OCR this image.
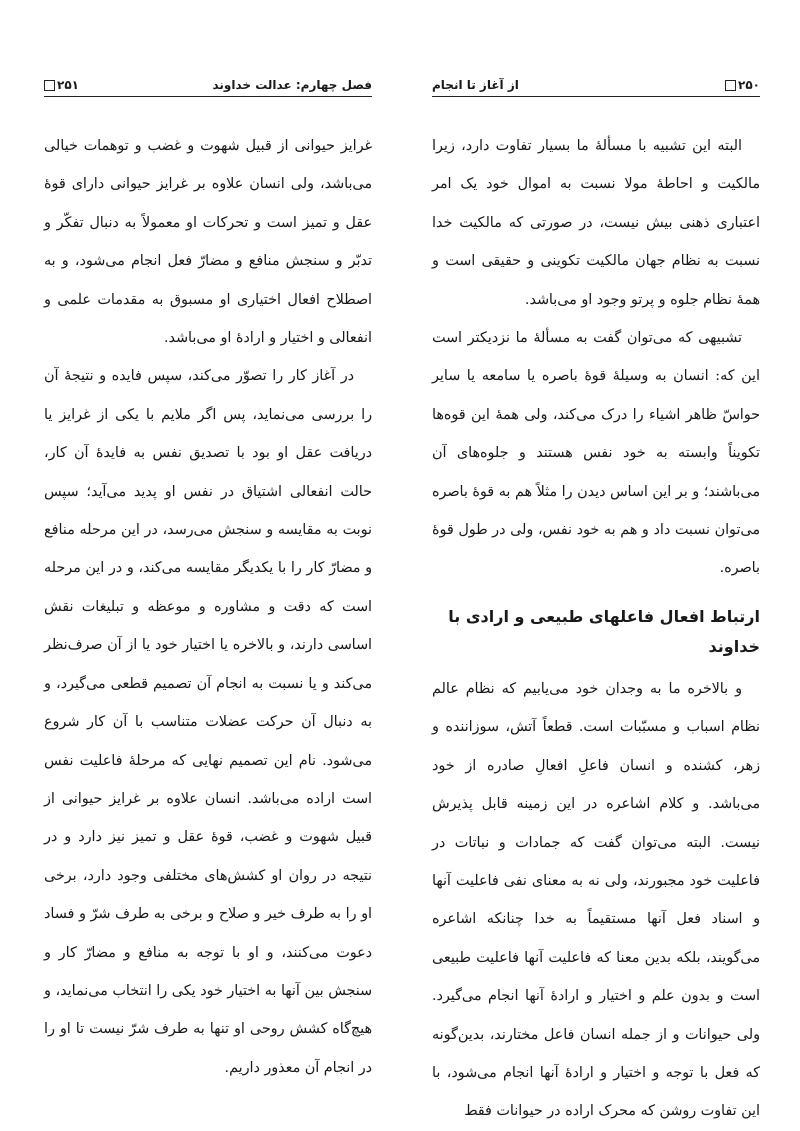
فصل چهارم: عدالت خداوند
۲۵۱

غرایز حیوانی از قبیل شهوت و غضب و توهمات خیالی می‌باشد، ولی انسان علاوه بر غرایز حیوانی دارای قوهٔ عقل و تمیز است و تحرکات او معمولاً به دنبال تفکّر و تدبّر و سنجش منافع و مضارّ فعل انجام می‌شود، و به اصطلاح افعال اختیاری او مسبوق به مقدمات علمی و انفعالی و اختیار و ارادهٔ او می‌باشد.

در آغاز کار را تصوّر می‌کند، سپس فایده و نتیجهٔ آن را بررسی می‌نماید، پس اگر ملایم با یکی از غرایز یا دریافت عقل او بود با تصدیق نفس به فایدهٔ آن کار، حالت انفعالی اشتیاق در نفس او پدید می‌آید؛ سپس نوبت به مقایسه و سنجش می‌رسد، در این مرحله منافع و مضارّ کار را با یکدیگر مقایسه می‌کند، و در این مرحله است که دقت و مشاوره و موعظه و تبلیغات نقش اساسی دارند، و بالاخره یا اختیار خود یا از آن صرف‌نظر می‌کند و یا نسبت به انجام آن تصمیم قطعی می‌گیرد، و به دنبال آن حرکت عضلات متناسب با آن کار شروع می‌شود. نام این تصمیم نهایی که مرحلهٔ فاعلیت نفس است اراده می‌باشد. انسان علاوه بر غرایز حیوانی از قبیل شهوت و غضب، قوهٔ عقل و تمیز نیز دارد و در نتیجه در روان او کشش‌های مختلفی وجود دارد، برخی او را به طرف خیر و صلاح و برخی به طرف شرّ و فساد دعوت می‌کنند، و او با توجه به منافع و مضارّ کار و سنجش بین آنها به اختیار خود یکی را انتخاب می‌نماید، و هیچ‌گاه کشش روحی او تنها به طرف شرّ نیست تا او را در انجام آن معذور داریم.

۲۵۰
از آغاز تا انجام

البته این تشبیه با مسألهٔ ما بسیار تفاوت دارد، زیرا مالکیت و احاطهٔ مولا نسبت به اموال خود یک امر اعتباری ذهنی بیش نیست، در صورتی که مالکیت خدا نسبت به نظام جهان مالکیت تکوینی و حقیقی است و همهٔ نظام جلوه و پرتو وجود او می‌باشد.

تشبیهی که می‌توان گفت به مسألهٔ ما نزدیکتر است این که: انسان به وسیلهٔ قوهٔ باصره یا سامعه یا سایر حواسّ ظاهر اشیاء را درک می‌کند، ولی همهٔ این قوه‌ها تکویناً وابسته به خود نفس هستند و جلوه‌های آن می‌باشند؛ و بر این اساس دیدن را مثلاً هم به قوهٔ باصره می‌توان نسبت داد و هم به خود نفس، ولی در طول قوهٔ باصره.

ارتباط افعال فاعلهای طبیعی و ارادی با خداوند

و بالاخره ما به وجدان خود می‌یابیم که نظام عالم نظام اسباب و مسبّبات است. قطعاً آتش، سوزاننده و زهر، کشنده و انسان فاعلِ افعالِ صادره از خود می‌باشد. و کلام اشاعره در این زمینه قابل پذیرش نیست. البته می‌توان گفت که جمادات و نباتات در فاعلیت خود مجبورند، ولی نه به معنای نفی فاعلیت آنها و اسناد فعل آنها مستقیماً به خدا چنانکه اشاعره می‌گویند، بلکه بدین معنا که فاعلیت آنها فاعلیت طبیعی است و بدون علم و اختیار و ارادهٔ آنها انجام می‌گیرد. ولی حیوانات و از جمله انسان فاعل مختارند، بدین‌گونه که فعل با توجه و اختیار و ارادهٔ آنها انجام می‌شود، با این تفاوت روشن که محرک اراده در حیوانات فقط
